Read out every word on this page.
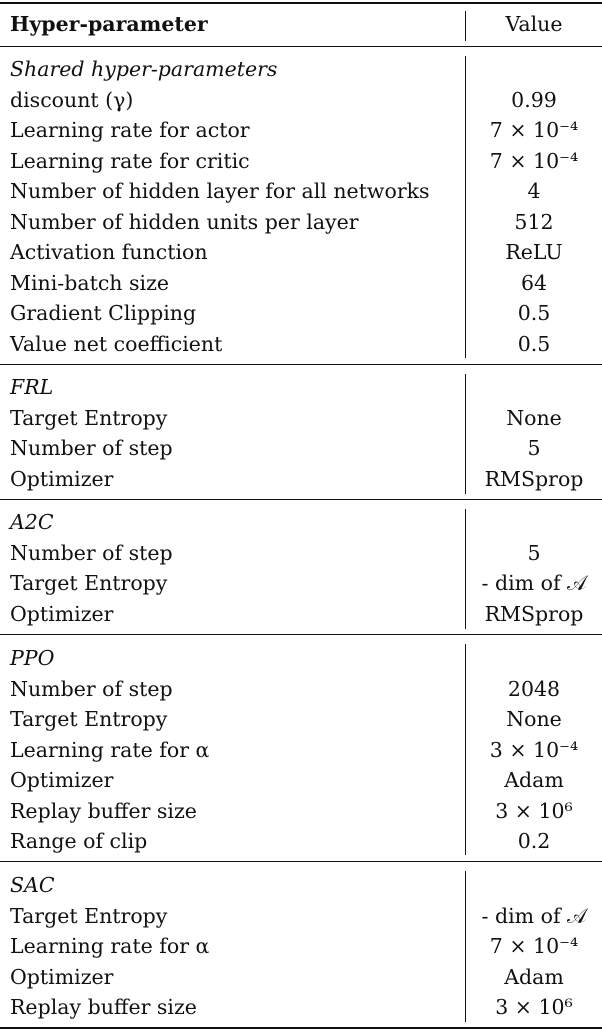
Hyper-parameter	Value
Shared hyper-parameters
discount (γ)	0.99
Learning rate for actor	7 × 10⁻⁴
Learning rate for critic	7 × 10⁻⁴
Number of hidden layer for all networks	4
Number of hidden units per layer	512
Activation function	ReLU
Mini-batch size	64
Gradient Clipping	0.5
Value net coefficient	0.5
FRL
Target Entropy	None
Number of step	5
Optimizer	RMSprop
A2C
Number of step	5
Target Entropy	- dim of 𝒜
Optimizer	RMSprop
PPO
Number of step	2048
Target Entropy	None
Learning rate for α	3 × 10⁻⁴
Optimizer	Adam
Replay buffer size	3 × 10⁶
Range of clip	0.2
SAC
Target Entropy	- dim of 𝒜
Learning rate for α	7 × 10⁻⁴
Optimizer	Adam
Replay buffer size	3 × 10⁶
